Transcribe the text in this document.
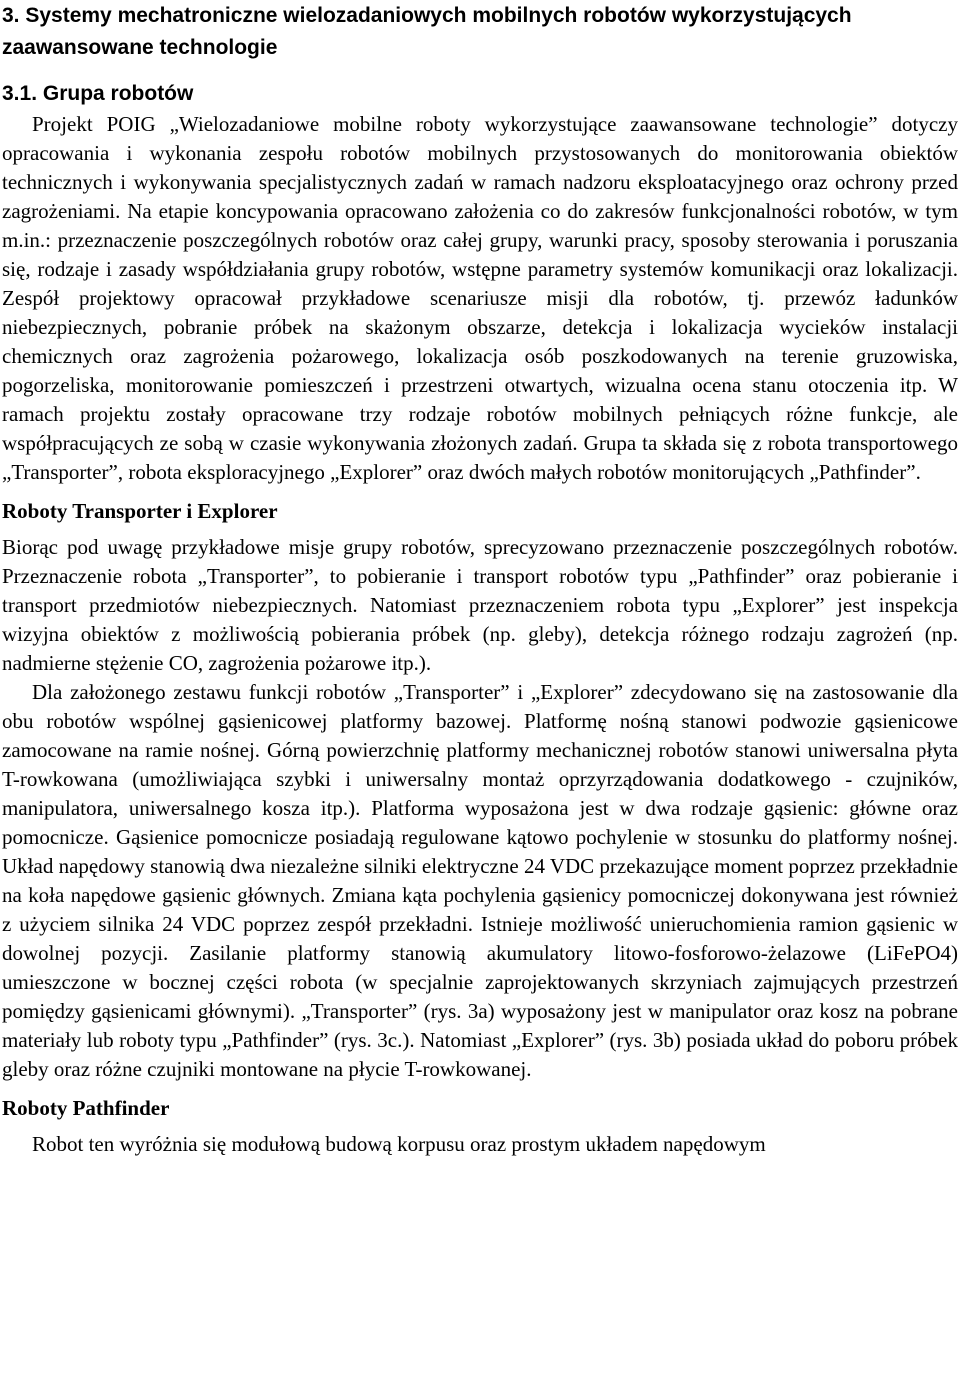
3. Systemy mechatroniczne wielozadaniowych mobilnych robotów wykorzystujących zaawansowane technologie
3.1. Grupa robotów

Projekt POIG „Wielozadaniowe mobilne roboty wykorzystujące zaawansowane technologie” dotyczy opracowania i wykonania zespołu robotów mobilnych przystosowanych do monitorowania obiektów technicznych i wykonywania specjalistycznych zadań w ramach nadzoru eksploatacyjnego oraz ochrony przed zagrożeniami. Na etapie koncypowania opracowano założenia co do zakresów funkcjonalności robotów, w tym m.in.: przeznaczenie poszczególnych robotów oraz całej grupy, warunki pracy, sposoby sterowania i poruszania się, rodzaje i zasady współdziałania grupy robotów, wstępne parametry systemów komunikacji oraz lokalizacji. Zespół projektowy opracował przykładowe scenariusze misji dla robotów, tj. przewóz ładunków niebezpiecznych, pobranie próbek na skażonym obszarze, detekcja i lokalizacja wycieków instalacji chemicznych oraz zagrożenia pożarowego, lokalizacja osób poszkodowanych na terenie gruzowiska, pogorzeliska, monitorowanie pomieszczeń i przestrzeni otwartych, wizualna ocena stanu otoczenia itp. W ramach projektu zostały opracowane trzy rodzaje robotów mobilnych pełniących różne funkcje, ale współpracujących ze sobą w czasie wykonywania złożonych zadań. Grupa ta składa się z robota transportowego „Transporter”, robota eksploracyjnego „Explorer” oraz dwóch małych robotów monitorujących „Pathfinder”.

Roboty Transporter i Explorer

Biorąc pod uwagę przykładowe misje grupy robotów, sprecyzowano przeznaczenie poszczególnych robotów. Przeznaczenie robota „Transporter”, to pobieranie i transport robotów typu „Pathfinder” oraz pobieranie i transport przedmiotów niebezpiecznych. Natomiast przeznaczeniem robota typu „Explorer” jest inspekcja wizyjna obiektów z możliwością pobierania próbek (np. gleby), detekcja różnego rodzaju zagrożeń (np. nadmierne stężenie CO, zagrożenia pożarowe itp.).

Dla założonego zestawu funkcji robotów „Transporter” i „Explorer” zdecydowano się na zastosowanie dla obu robotów wspólnej gąsienicowej platformy bazowej. Platformę nośną stanowi podwozie gąsienicowe zamocowane na ramie nośnej. Górną powierzchnię platformy mechanicznej robotów stanowi uniwersalna płyta T-rowkowana (umożliwiająca szybki i uniwersalny montaż oprzyrządowania dodatkowego - czujników, manipulatora, uniwersalnego kosza itp.). Platforma wyposażona jest w dwa rodzaje gąsienic: główne oraz pomocnicze. Gąsienice pomocnicze posiadają regulowane kątowo pochylenie w stosunku do platformy nośnej. Układ napędowy stanowią dwa niezależne silniki elektryczne 24 VDC przekazujące moment poprzez przekładnie na koła napędowe gąsienic głównych. Zmiana kąta pochylenia gąsienicy pomocniczej dokonywana jest również z użyciem silnika 24 VDC poprzez zespół przekładni. Istnieje możliwość unieruchomienia ramion gąsienic w dowolnej pozycji. Zasilanie platformy stanowią akumulatory litowo-fosforowo-żelazowe (LiFePO4) umieszczone w bocznej części robota (w specjalnie zaprojektowanych skrzyniach zajmujących przestrzeń pomiędzy gąsienicami głównymi). „Transporter” (rys. 3a) wyposażony jest w manipulator oraz kosz na pobrane materiały lub roboty typu „Pathfinder” (rys. 3c.). Natomiast „Explorer” (rys. 3b) posiada układ do poboru próbek gleby oraz różne czujniki montowane na płycie T-rowkowanej.

Roboty Pathfinder

Robot ten wyróżnia się modułową budową korpusu oraz prostym układem napędowym
